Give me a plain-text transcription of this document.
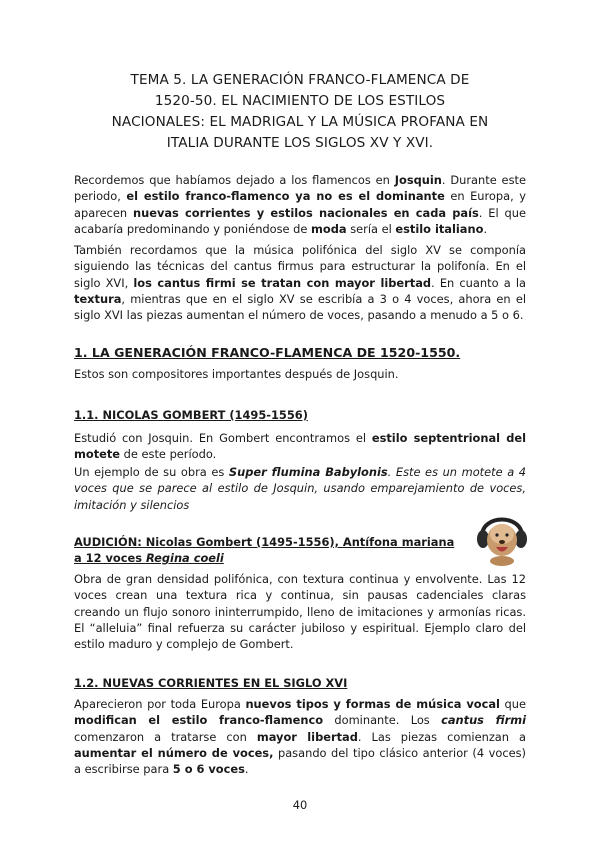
TEMA 5. LA GENERACIÓN FRANCO-FLAMENCA DE
1520-50. EL NACIMIENTO DE LOS ESTILOS
NACIONALES: EL MADRIGAL Y LA MÚSICA PROFANA EN
ITALIA DURANTE LOS SIGLOS XV Y XVI.

Recordemos que habíamos dejado a los flamencos en Josquin. Durante este periodo, el estilo franco-flamenco ya no es el dominante en Europa, y aparecen nuevas corrientes y estilos nacionales en cada país. El que acabaría predominando y poniéndose de moda sería el estilo italiano.

También recordamos que la música polifónica del siglo XV se componía siguiendo las técnicas del cantus firmus para estructurar la polifonía. En el siglo XVI, los cantus firmi se tratan con mayor libertad. En cuanto a la textura, mientras que en el siglo XV se escribía a 3 o 4 voces, ahora en el siglo XVI las piezas aumentan el número de voces, pasando a menudo a 5 o 6.

1. LA GENERACIÓN FRANCO-FLAMENCA DE 1520-1550.

Estos son compositores importantes después de Josquin.

1.1. NICOLAS GOMBERT (1495-1556)

Estudió con Josquin. En Gombert encontramos el estilo septentrional del motete de este período.

Un ejemplo de su obra es Super flumina Babylonis. Este es un motete a 4 voces que se parece al estilo de Josquin, usando emparejamiento de voces, imitación y silencios

AUDICIÓN: Nicolas Gombert (1495-1556), Antífona mariana a 12 voces Regina coeli

Obra de gran densidad polifónica, con textura continua y envolvente. Las 12 voces crean una textura rica y continua, sin pausas cadenciales claras creando un flujo sonoro ininterrumpido, lleno de imitaciones y armonías ricas. El “alleluia” final refuerza su carácter jubiloso y espiritual. Ejemplo claro del estilo maduro y complejo de Gombert.

1.2. NUEVAS CORRIENTES EN EL SIGLO XVI

Aparecieron por toda Europa nuevos tipos y formas de música vocal que modifican el estilo franco-flamenco dominante. Los cantus firmi comenzaron a tratarse con mayor libertad. Las piezas comienzan a aumentar el número de voces, pasando del tipo clásico anterior (4 voces) a escribirse para 5 o 6 voces.

40
